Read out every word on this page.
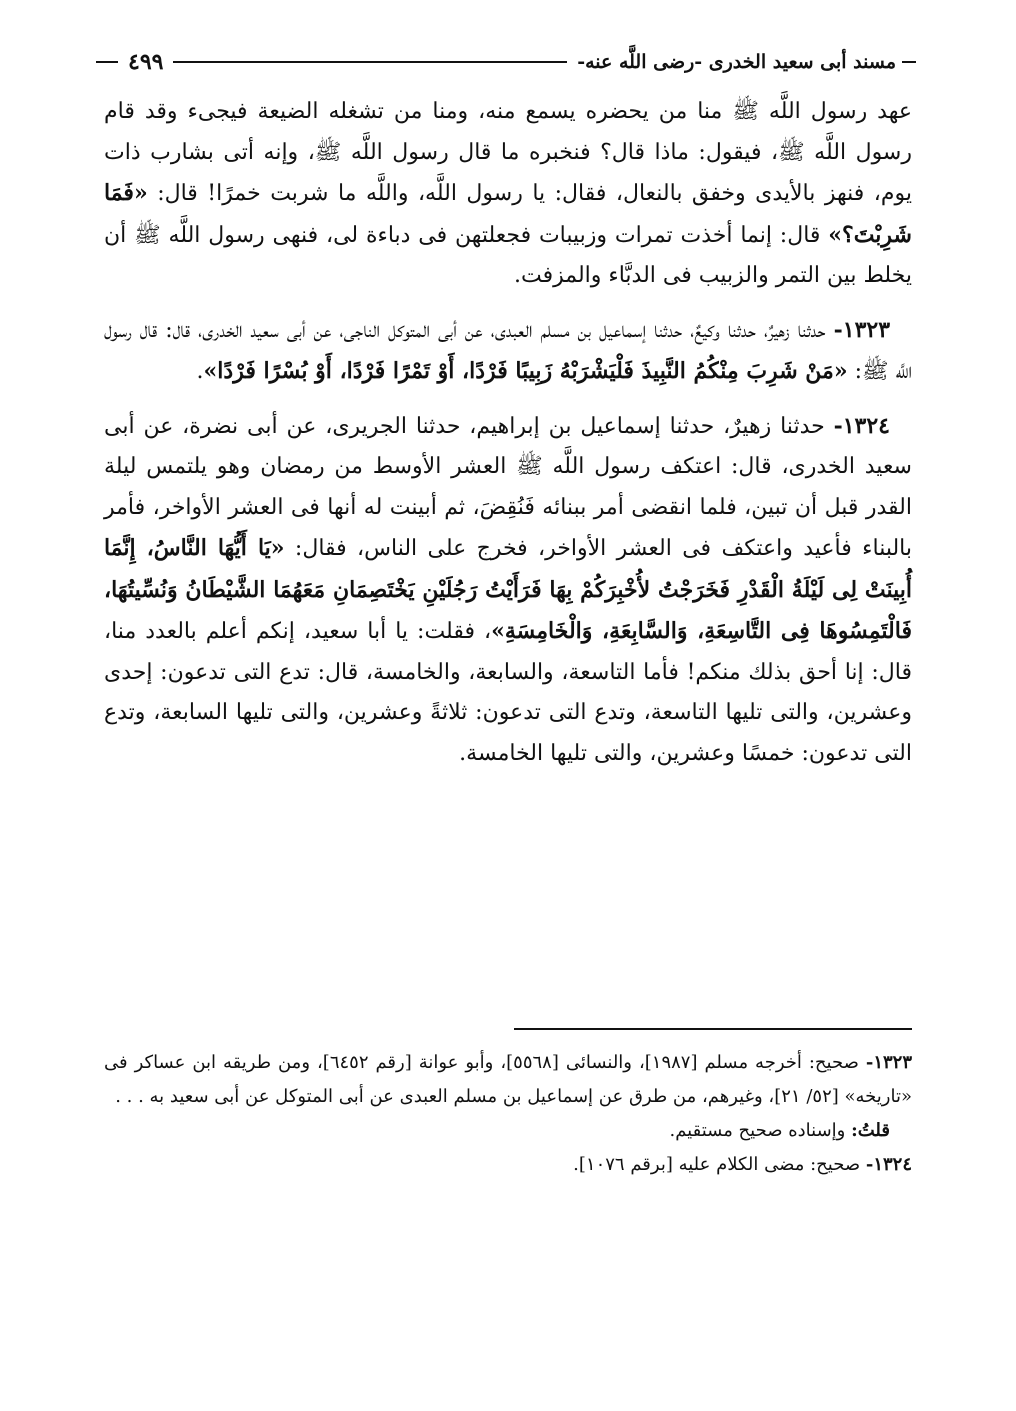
مسند أبى سعيد الخدرى -رضى اللَّه عنه-
٤٩٩

عهد رسول اللَّه ﷺ منا من يحضره يسمع منه، ومنا من تشغله الضيعة فيجىء وقد قام رسول اللَّه ﷺ، فيقول: ماذا قال؟ فنخبره ما قال رسول اللَّه ﷺ، وإنه أتى بشارب ذات يوم، فنهز بالأيدى وخفق بالنعال، فقال: يا رسول اللَّه، واللَّه ما شربت خمرًا! قال: «فَمَا شَرِبْتَ؟» قال: إنما أخذت تمرات وزبيبات فجعلتهن فى دباءة لى، فنهى رسول اللَّه ﷺ أن يخلط بين التمر والزبيب فى الدبَّاء والمزفت.

١٣٢٣- حدثنا زهيرٌ، حدثنا وكيعٌ، حدثنا إسماعيل بن مسلم العبدى، عن أبى المتوكل الناجى، عن أبى سعيد الخدرى، قال: قال رسول اللَّه ﷺ: «مَنْ شَرِبَ مِنْكُمُ النَّبِيذَ فَلْيَشْرَبْهُ زَبِيبًا فَرْدًا، أَوْ تَمْرًا فَرْدًا، أَوْ بُسْرًا فَرْدًا».

١٣٢٤- حدثنا زهيرٌ، حدثنا إسماعيل بن إبراهيم، حدثنا الجريرى، عن أبى نضرة، عن أبى سعيد الخدرى، قال: اعتكف رسول اللَّه ﷺ العشر الأوسط من رمضان وهو يلتمس ليلة القدر قبل أن تبين، فلما انقضى أمر ببنائه فَنُقِضَ، ثم أبينت له أنها فى العشر الأواخر، فأمر بالبناء فأعيد واعتكف فى العشر الأواخر، فخرج على الناس، فقال: «يَا أَيُّهَا النَّاسُ، إِنَّمَا أُبِينَتْ لِى لَيْلَةُ الْقَدْرِ فَخَرَجْتُ لأُخْبِرَكُمْ بِهَا فَرَأَيْتُ رَجُلَيْنِ يَخْتَصِمَانِ مَعَهُمَا الشَّيْطَانُ وَنُسِّيتُهَا، فَالْتَمِسُوهَا فِى التَّاسِعَةِ، وَالسَّابِعَةِ، وَالْخَامِسَةِ»، فقلت: يا أبا سعيد، إنكم أعلم بالعدد منا، قال: إنا أحق بذلك منكم! فأما التاسعة، والسابعة، والخامسة، قال: تدع التى تدعون: إحدى وعشرين، والتى تليها التاسعة، وتدع التى تدعون: ثلاثةً وعشرين، والتى تليها السابعة، وتدع التى تدعون: خمسًا وعشرين، والتى تليها الخامسة.

١٣٢٣- صحيح: أخرجه مسلم [١٩٨٧]، والنسائى [٥٥٦٨]، وأبو عوانة [رقم ٦٤٥٢]، ومن طريقه ابن عساكر فى «تاريخه» [٥٢/ ٢١]، وغيرهم، من طرق عن إسماعيل بن مسلم العبدى عن أبى المتوكل عن أبى سعيد به . . .

قلتُ: وإسناده صحيح مستقيم.

١٣٢٤- صحيح: مضى الكلام عليه [برقم ١٠٧٦].
